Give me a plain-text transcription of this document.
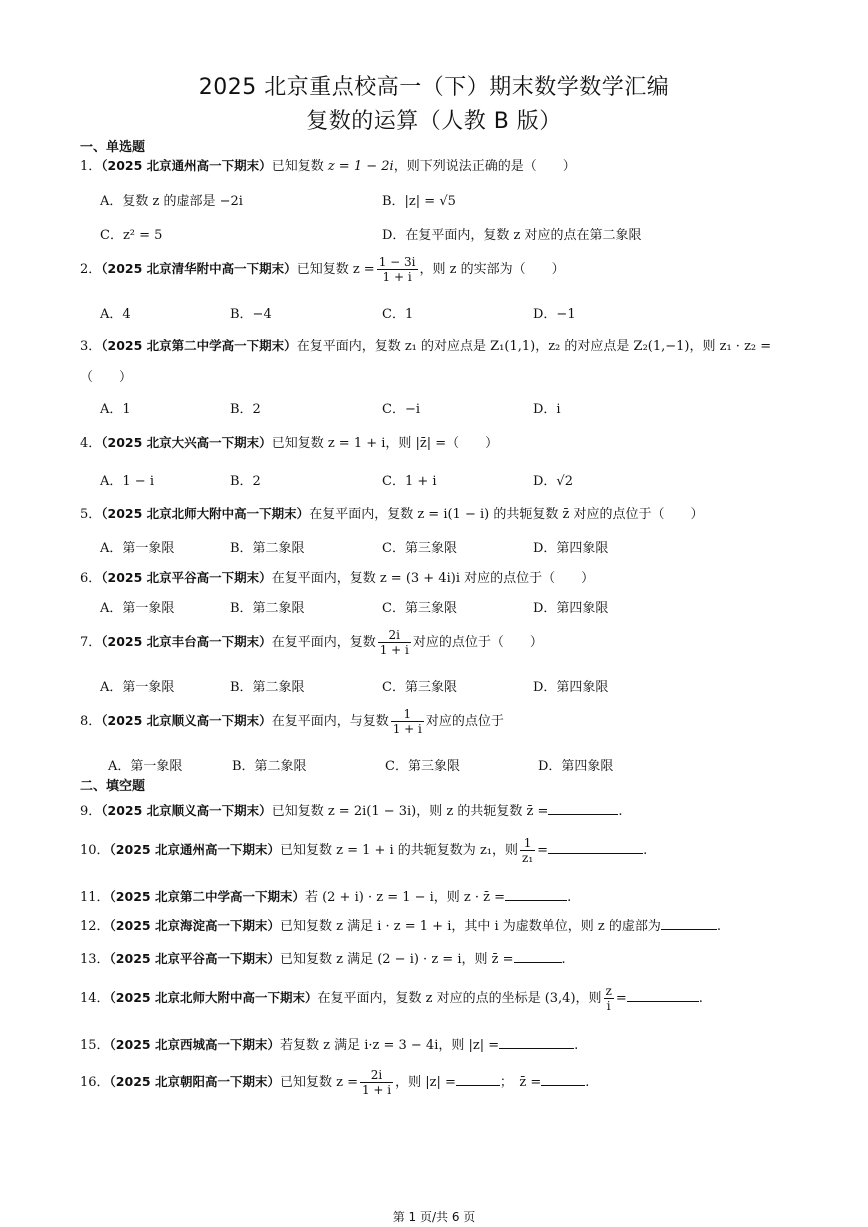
2025 北京重点校高一（下）期末数学数学汇编
复数的运算（人教 B 版）
一、单选题
1．（2025 北京通州高一下期末）已知复数 z = 1 − 2i，则下列说法正确的是（　　）
A．复数 z 的虚部是 −2i	B．|z| = √5
C．z² = 5	D．在复平面内，复数 z 对应的点在第二象限
2．（2025 北京清华附中高一下期末）已知复数 $z = \frac{1 - 3i}{1 + i}$ ，则 z 的实部为（　　）
A．4	B．−4	C．1	D．−1
3．（2025 北京第二中学高一下期末）在复平面内，复数 z₁ 的对应点是 Z₁(1,1)，z₂ 的对应点是 Z₂(1,−1)，则 z₁ · z₂ =
（　　）
A．1	B．2	C．−i	D．i
4．（2025 北京大兴高一下期末）已知复数 z = 1 + i，则 |z̄| =（　　）
A．1 − i	B．2	C．1 + i	D．√2
5．（2025 北京北师大附中高一下期末）在复平面内，复数 z = i(1 − i) 的共轭复数 z̄ 对应的点位于（　　）
A．第一象限	B．第二象限	C．第三象限	D．第四象限
6．（2025 北京平谷高一下期末）在复平面内，复数 z = (3 + 4i)i 对应的点位于（　　）
A．第一象限	B．第二象限	C．第三象限	D．第四象限
7．（2025 北京丰台高一下期末）在复平面内，复数 $\frac{2i}{1 + i}$ 对应的点位于（　　）
A．第一象限	B．第二象限	C．第三象限	D．第四象限
8．（2025 北京顺义高一下期末）在复平面内，与复数 $\frac{1}{1 + i}$ 对应的点位于
A．第一象限	B．第二象限	C．第三象限	D．第四象限
二、填空题
9．（2025 北京顺义高一下期末）已知复数 z = 2i(1 − 3i)，则 z 的共轭复数 z̄ =	.
10．（2025 北京通州高一下期末）已知复数 z = 1 + i 的共轭复数为 z₁，则 $\frac{1}{\text{z₁}}$ =	.
11．（2025 北京第二中学高一下期末）若 (2 + i) · z = 1 − i，则 z · z̄ =	.
12．（2025 北京海淀高一下期末）已知复数 z 满足 i · z = 1 + i，其中 i 为虚数单位，则 z 的虚部为	.
13．（2025 北京平谷高一下期末）已知复数 z 满足 (2 − i) · z = i，则 z̄ =	.
14．（2025 北京北师大附中高一下期末）在复平面内，复数 z 对应的点的坐标是 (3,4)，则 $\frac{z}{i}$ =	.
15．（2025 北京西城高一下期末）若复数 z 满足 i·z = 3 − 4i，则 |z| =	.
16．（2025 北京朝阳高一下期末）已知复数 $z = \frac{2i}{1 + i}$ ，则 |z| =	；　z̄ =	.
第 1 页/共 6 页
